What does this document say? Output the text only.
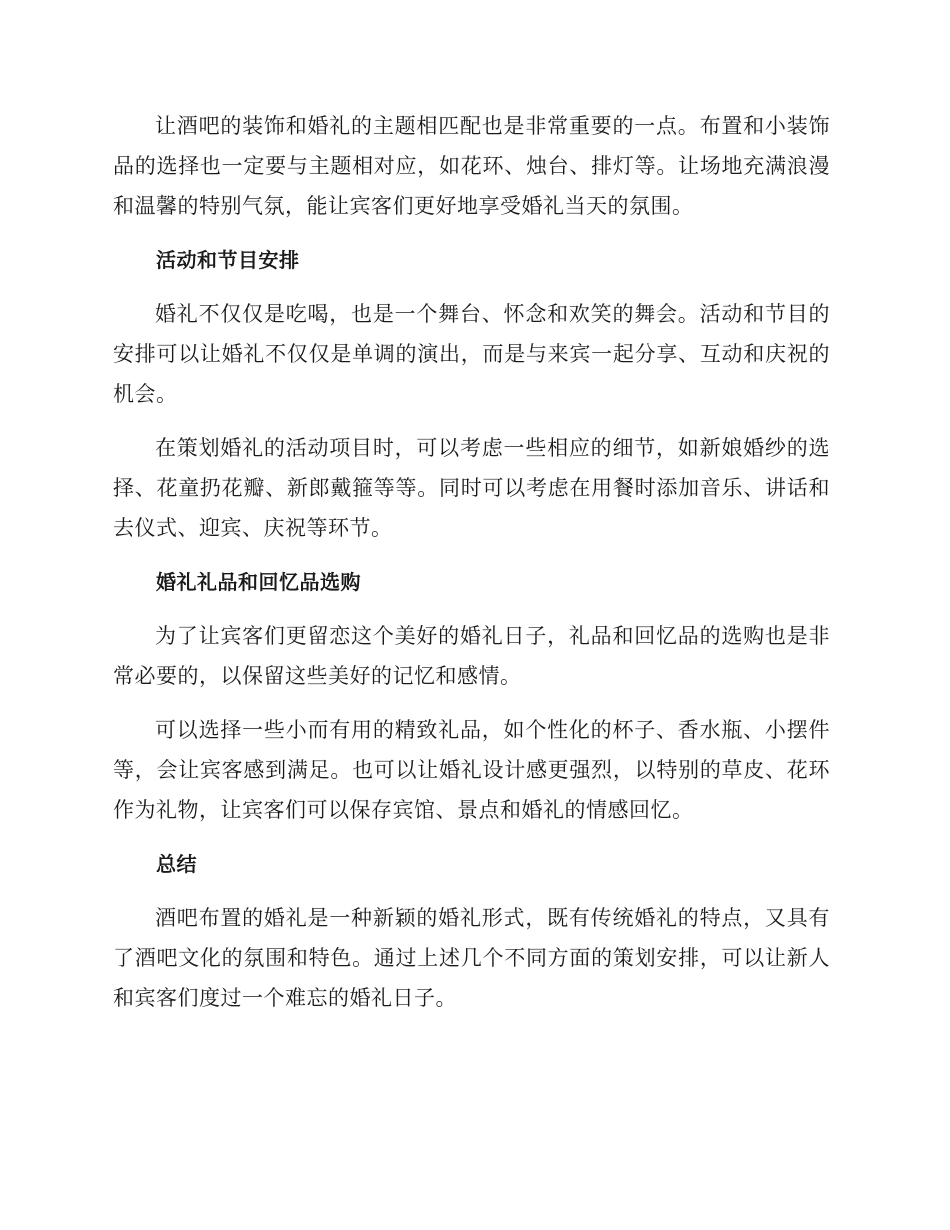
让酒吧的装饰和婚礼的主题相匹配也是非常重要的一点。布置和小装饰品的选择也一定要与主题相对应，如花环、烛台、排灯等。让场地充满浪漫和温馨的特别气氛，能让宾客们更好地享受婚礼当天的氛围。

活动和节目安排

婚礼不仅仅是吃喝，也是一个舞台、怀念和欢笑的舞会。活动和节目的安排可以让婚礼不仅仅是单调的演出，而是与来宾一起分享、互动和庆祝的机会。

在策划婚礼的活动项目时，可以考虑一些相应的细节，如新娘婚纱的选择、花童扔花瓣、新郎戴箍等等。同时可以考虑在用餐时添加音乐、讲话和去仪式、迎宾、庆祝等环节。

婚礼礼品和回忆品选购

为了让宾客们更留恋这个美好的婚礼日子，礼品和回忆品的选购也是非常必要的，以保留这些美好的记忆和感情。

可以选择一些小而有用的精致礼品，如个性化的杯子、香水瓶、小摆件等，会让宾客感到满足。也可以让婚礼设计感更强烈，以特别的草皮、花环作为礼物，让宾客们可以保存宾馆、景点和婚礼的情感回忆。

总结

酒吧布置的婚礼是一种新颖的婚礼形式，既有传统婚礼的特点，又具有了酒吧文化的氛围和特色。通过上述几个不同方面的策划安排，可以让新人和宾客们度过一个难忘的婚礼日子。
